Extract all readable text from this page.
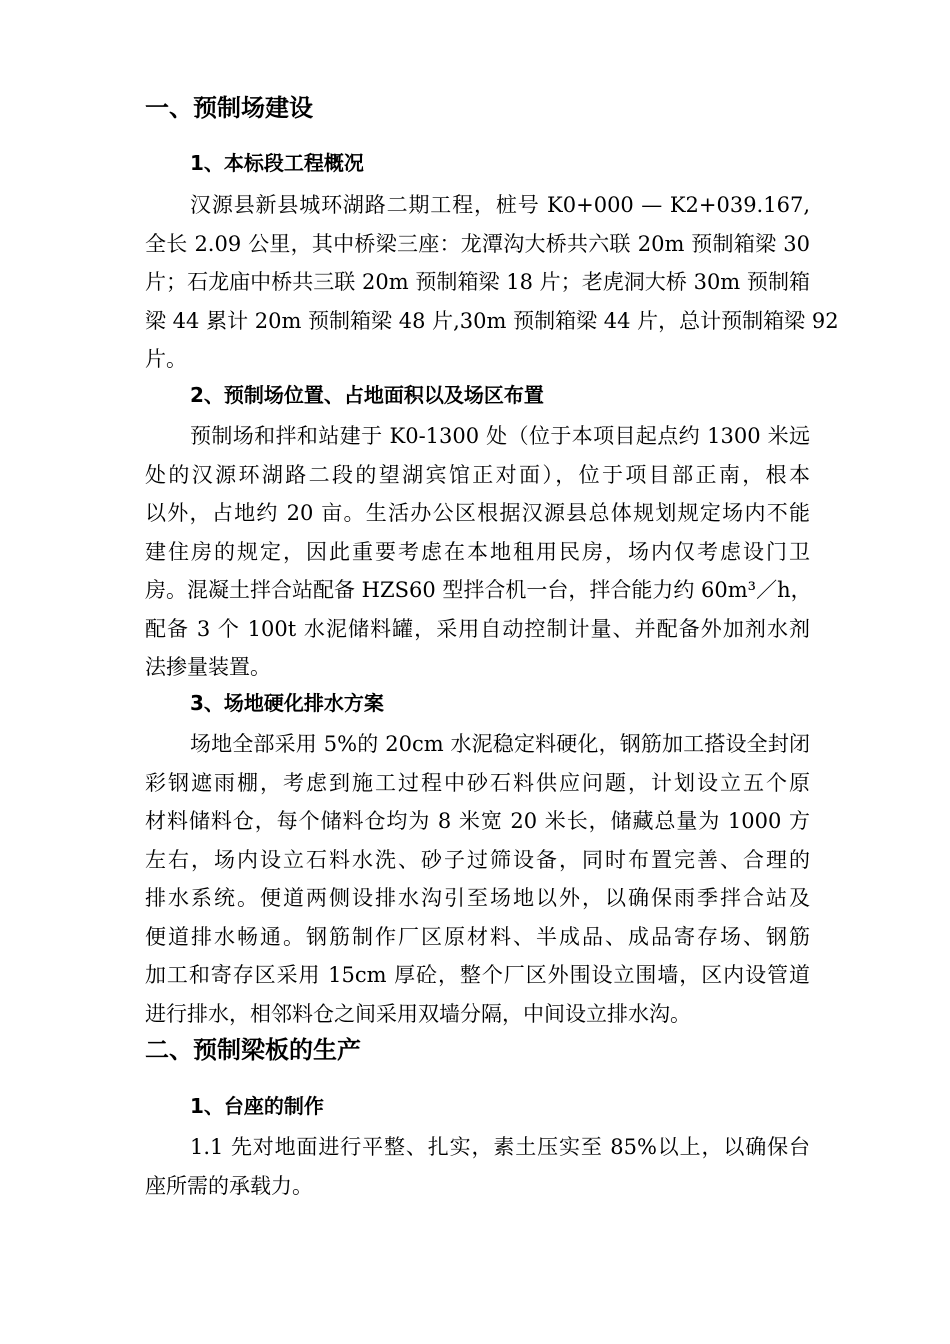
一、预制场建设
1、本标段工程概况
汉源县新县城环湖路二期工程，桩号 K0+000 — K2+039.167,
全长 2.09 公里，其中桥梁三座：龙潭沟大桥共六联 20m 预制箱梁 30
片；石龙庙中桥共三联 20m 预制箱梁 18 片；老虎洞大桥 30m 预制箱
梁 44 累计 20m 预制箱梁 48 片,30m 预制箱梁 44 片，总计预制箱梁 92
片。
2、预制场位置、占地面积以及场区布置
预制场和拌和站建于 K0-1300 处（位于本项目起点约 1300 米远
处的汉源环湖路二段的望湖宾馆正对面），位于项目部正南，根本
以外，占地约 20 亩。生活办公区根据汉源县总体规划规定场内不能
建住房的规定，因此重要考虑在本地租用民房，场内仅考虑设门卫
房。混凝土拌合站配备 HZS60 型拌合机一台，拌合能力约 60m³／h，
配备 3 个 100t 水泥储料罐，采用自动控制计量、并配备外加剂水剂
法掺量装置。
3、场地硬化排水方案
场地全部采用 5%的 20cm 水泥稳定料硬化，钢筋加工搭设全封闭
彩钢遮雨棚，考虑到施工过程中砂石料供应问题，计划设立五个原
材料储料仓，每个储料仓均为 8 米宽 20 米长，储藏总量为 1000 方
左右，场内设立石料水洗、砂子过筛设备，同时布置完善、合理的
排水系统。便道两侧设排水沟引至场地以外，以确保雨季拌合站及
便道排水畅通。钢筋制作厂区原材料、半成品、成品寄存场、钢筋
加工和寄存区采用 15cm 厚砼，整个厂区外围设立围墙，区内设管道
进行排水，相邻料仓之间采用双墙分隔，中间设立排水沟。
二、预制梁板的生产
1、台座的制作
1.1 先对地面进行平整、扎实，素土压实至 85%以上，以确保台
座所需的承载力。
